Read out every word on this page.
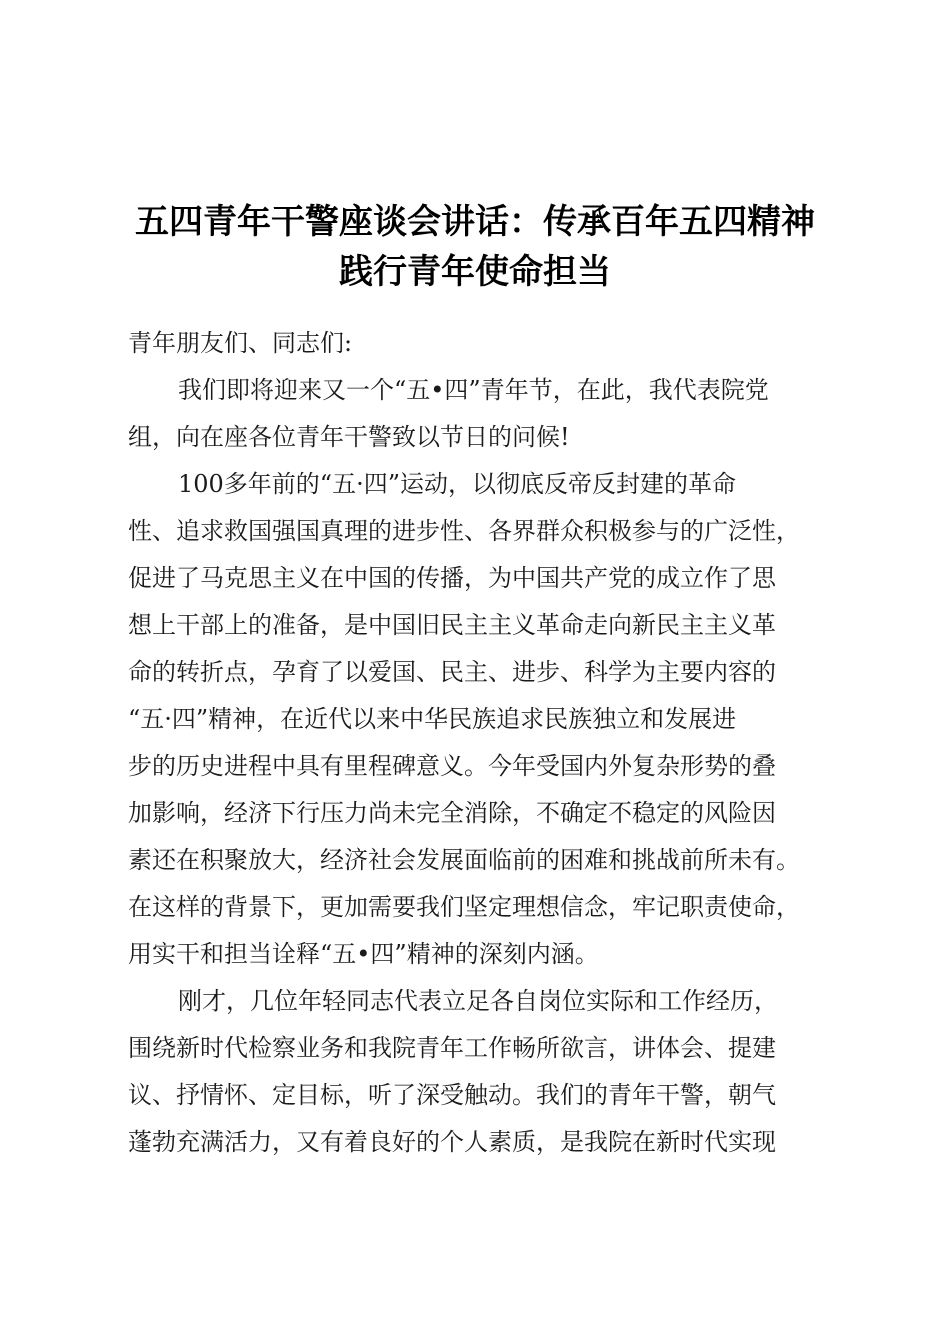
五四青年干警座谈会讲话：传承百年五四精神
践行青年使命担当
青年朋友们、同志们:
我们即将迎来又一个“五•四”青年节，在此，我代表院党
组，向在座各位青年干警致以节日的问候!
100多年前的“五·四”运动，以彻底反帝反封建的革命
性、追求救国强国真理的进步性、各界群众积极参与的广泛性，
促进了马克思主义在中国的传播，为中国共产党的成立作了思
想上干部上的准备，是中国旧民主主义革命走向新民主主义革
命的转折点，孕育了以爱国、民主、进步、科学为主要内容的
“五·四”精神，在近代以来中华民族追求民族独立和发展进
步的历史进程中具有里程碑意义。今年受国内外复杂形势的叠
加影响，经济下行压力尚未完全消除，不确定不稳定的风险因
素还在积聚放大，经济社会发展面临前的困难和挑战前所未有。
在这样的背景下，更加需要我们坚定理想信念，牢记职责使命，
用实干和担当诠释“五•四”精神的深刻内涵。
刚才，几位年轻同志代表立足各自岗位实际和工作经历，
围绕新时代检察业务和我院青年工作畅所欲言，讲体会、提建
议、抒情怀、定目标，听了深受触动。我们的青年干警，朝气
蓬勃充满活力，又有着良好的个人素质，是我院在新时代实现
